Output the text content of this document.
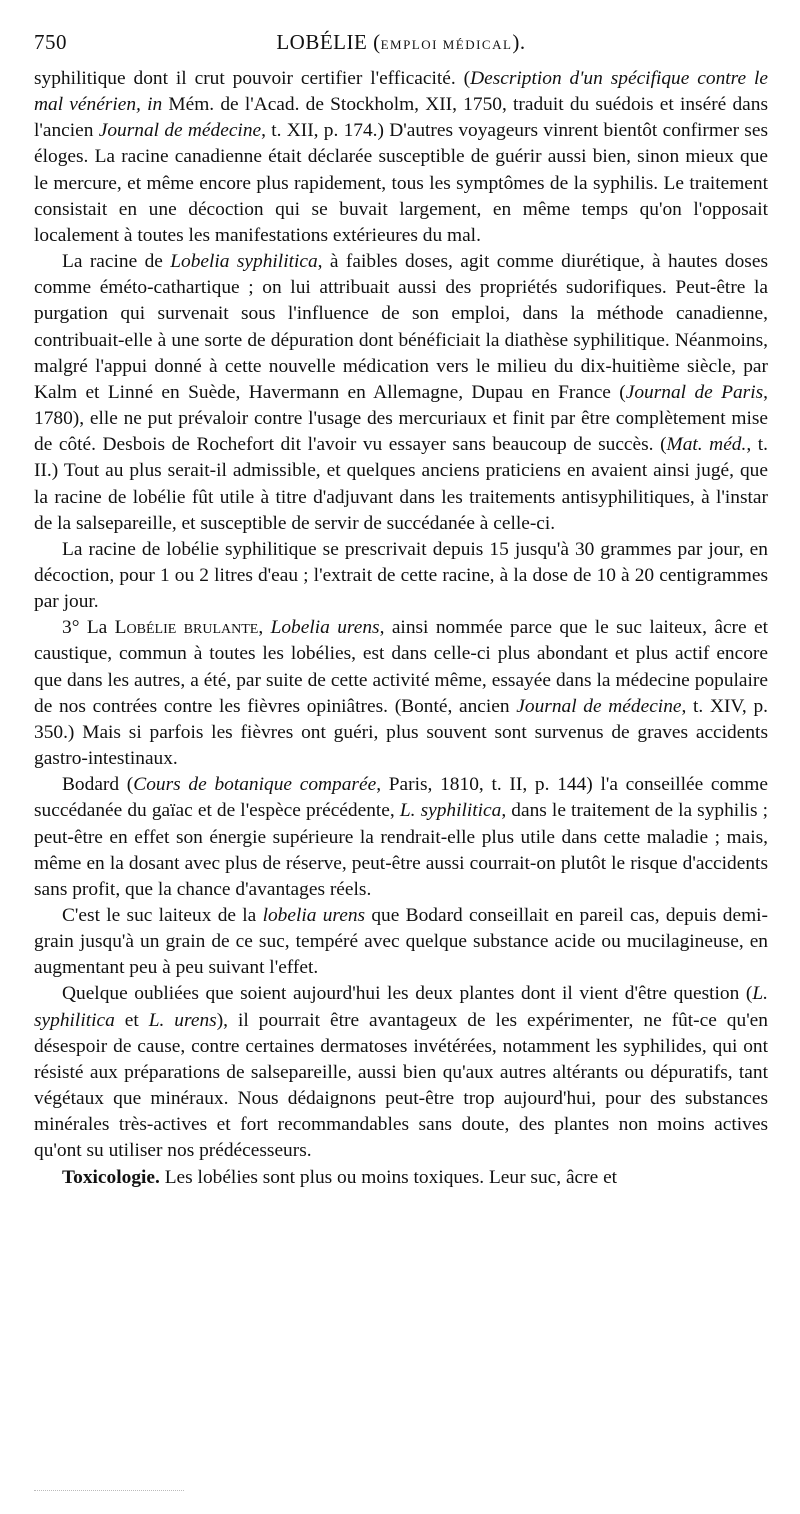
750	LOBÉLIE (EMPLOI MÉDICAL).

syphilitique dont il crut pouvoir certifier l'efficacité. (Description d'un spécifique contre le mal vénérien, in Mém. de l'Acad. de Stockholm, XII, 1750, traduit du suédois et inséré dans l'ancien Journal de médecine, t. XII, p. 174.) D'autres voyageurs vinrent bientôt confirmer ses éloges. La racine canadienne était déclarée susceptible de guérir aussi bien, sinon mieux que le mercure, et même encore plus rapidement, tous les symptômes de la syphilis. Le traitement consistait en une décoction qui se buvait largement, en même temps qu'on l'opposait localement à toutes les manifestations extérieures du mal.

La racine de Lobelia syphilitica, à faibles doses, agit comme diurétique, à hautes doses comme éméto-cathartique ; on lui attribuait aussi des propriétés sudorifiques. Peut-être la purgation qui survenait sous l'influence de son emploi, dans la méthode canadienne, contribuait-elle à une sorte de dépuration dont bénéficiait la diathèse syphilitique. Néanmoins, malgré l'appui donné à cette nouvelle médication vers le milieu du dix-huitième siècle, par Kalm et Linné en Suède, Havermann en Allemagne, Dupau en France (Journal de Paris, 1780), elle ne put prévaloir contre l'usage des mercuriaux et finit par être complètement mise de côté. Desbois de Rochefort dit l'avoir vu essayer sans beaucoup de succès. (Mat. méd., t. II.) Tout au plus serait-il admissible, et quelques anciens praticiens en avaient ainsi jugé, que la racine de lobélie fût utile à titre d'adjuvant dans les traitements antisyphilitiques, à l'instar de la salsepareille, et susceptible de servir de succédanée à celle-ci.

La racine de lobélie syphilitique se prescrivait depuis 15 jusqu'à 30 grammes par jour, en décoction, pour 1 ou 2 litres d'eau ; l'extrait de cette racine, à la dose de 10 à 20 centigrammes par jour.

3° La Lobélie brulante, Lobelia urens, ainsi nommée parce que le suc laiteux, âcre et caustique, commun à toutes les lobélies, est dans celle-ci plus abondant et plus actif encore que dans les autres, a été, par suite de cette activité même, essayée dans la médecine populaire de nos contrées contre les fièvres opiniâtres. (Bonté, ancien Journal de médecine, t. XIV, p. 350.) Mais si parfois les fièvres ont guéri, plus souvent sont survenus de graves accidents gastro-intestinaux.

Bodard (Cours de botanique comparée, Paris, 1810, t. II, p. 144) l'a conseillée comme succédanée du gaïac et de l'espèce précédente, L. syphilitica, dans le traitement de la syphilis ; peut-être en effet son énergie supérieure la rendrait-elle plus utile dans cette maladie ; mais, même en la dosant avec plus de réserve, peut-être aussi courrait-on plutôt le risque d'accidents sans profit, que la chance d'avantages réels.

C'est le suc laiteux de la lobelia urens que Bodard conseillait en pareil cas, depuis demi-grain jusqu'à un grain de ce suc, tempéré avec quelque substance acide ou mucilagineuse, en augmentant peu à peu suivant l'effet.

Quelque oubliées que soient aujourd'hui les deux plantes dont il vient d'être question (L. syphilitica et L. urens), il pourrait être avantageux de les expérimenter, ne fût-ce qu'en désespoir de cause, contre certaines dermatoses invétérées, notamment les syphilides, qui ont résisté aux préparations de salsepareille, aussi bien qu'aux autres altérants ou dépuratifs, tant végétaux que minéraux. Nous dédaignons peut-être trop aujourd'hui, pour des substances minérales très-actives et fort recommandables sans doute, des plantes non moins actives qu'ont su utiliser nos prédécesseurs.

Toxicologie. Les lobélies sont plus ou moins toxiques. Leur suc, âcre et
